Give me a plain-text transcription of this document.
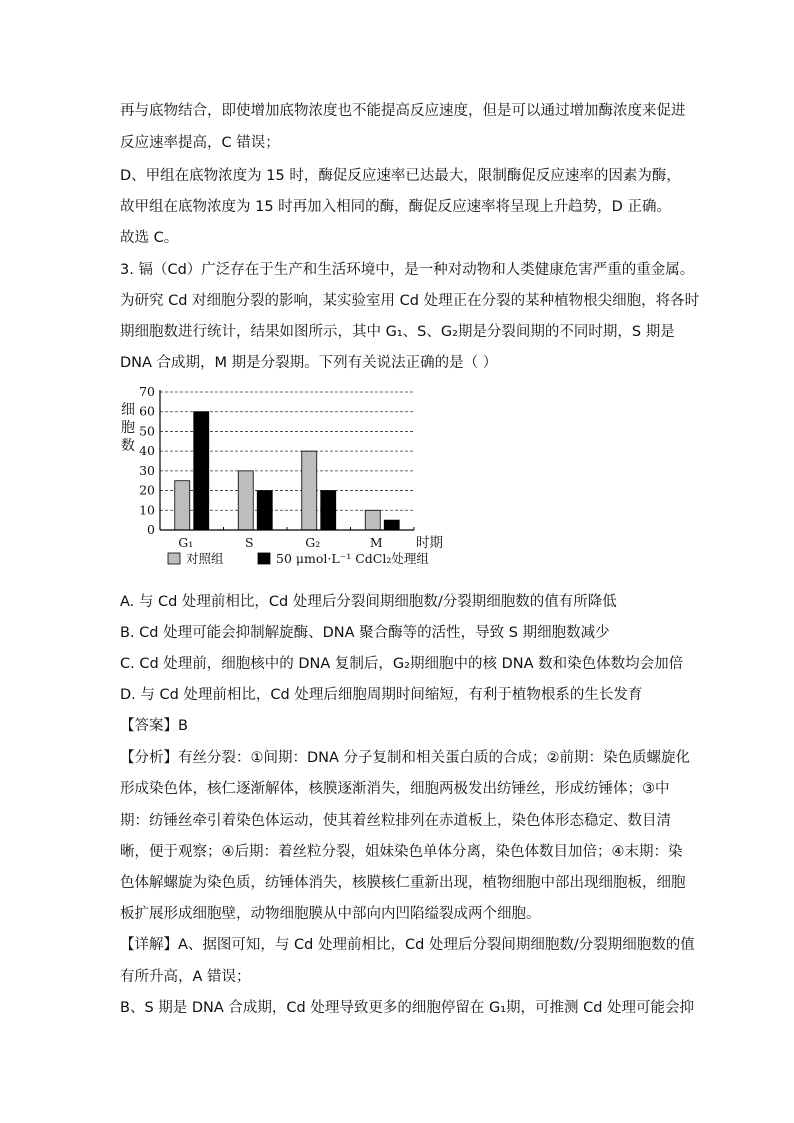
再与底物结合，即使增加底物浓度也不能提高反应速度，但是可以通过增加酶浓度来促进
反应速率提高，C 错误；
D、甲组在底物浓度为 15 时，酶促反应速率已达最大，限制酶促反应速率的因素为酶，
故甲组在底物浓度为 15 时再加入相同的酶，酶促反应速率将呈现上升趋势，D 正确。
故选 C。
3. 镉（Cd）广泛存在于生产和生活环境中，是一种对动物和人类健康危害严重的重金属。
为研究 Cd 对细胞分裂的影响，某实验室用 Cd 处理正在分裂的某种植物根尖细胞，将各时
期细胞数进行统计，结果如图所示，其中 G₁、S、G₂期是分裂间期的不同时期，S 期是
DNA 合成期，M 期是分裂期。下列有关说法正确的是（ ）
细
胞
数
0
10
20
30
40
50
60
70
G₁	S	G₂	M 时期
对照组	50 μmol·L⁻¹ CdCl₂处理组
A. 与 Cd 处理前相比，Cd 处理后分裂间期细胞数/分裂期细胞数的值有所降低
B. Cd 处理可能会抑制解旋酶、DNA 聚合酶等的活性，导致 S 期细胞数减少
C. Cd 处理前，细胞核中的 DNA 复制后，G₂期细胞中的核 DNA 数和染色体数均会加倍
D. 与 Cd 处理前相比，Cd 处理后细胞周期时间缩短，有利于植物根系的生长发育
【答案】B
【分析】有丝分裂：①间期：DNA 分子复制和相关蛋白质的合成；②前期：染色质螺旋化
形成染色体，核仁逐渐解体，核膜逐渐消失，细胞两极发出纺锤丝，形成纺锤体；③中
期：纺锤丝牵引着染色体运动，使其着丝粒排列在赤道板上，染色体形态稳定、数目清
晰，便于观察；④后期：着丝粒分裂，姐妹染色单体分离，染色体数目加倍；④末期：染
色体解螺旋为染色质，纺锤体消失，核膜核仁重新出现，植物细胞中部出现细胞板，细胞
板扩展形成细胞壁，动物细胞膜从中部向内凹陷缢裂成两个细胞。
【详解】A、据图可知，与 Cd 处理前相比，Cd 处理后分裂间期细胞数/分裂期细胞数的值
有所升高，A 错误；
B、S 期是 DNA 合成期，Cd 处理导致更多的细胞停留在 G₁期，可推测 Cd 处理可能会抑
